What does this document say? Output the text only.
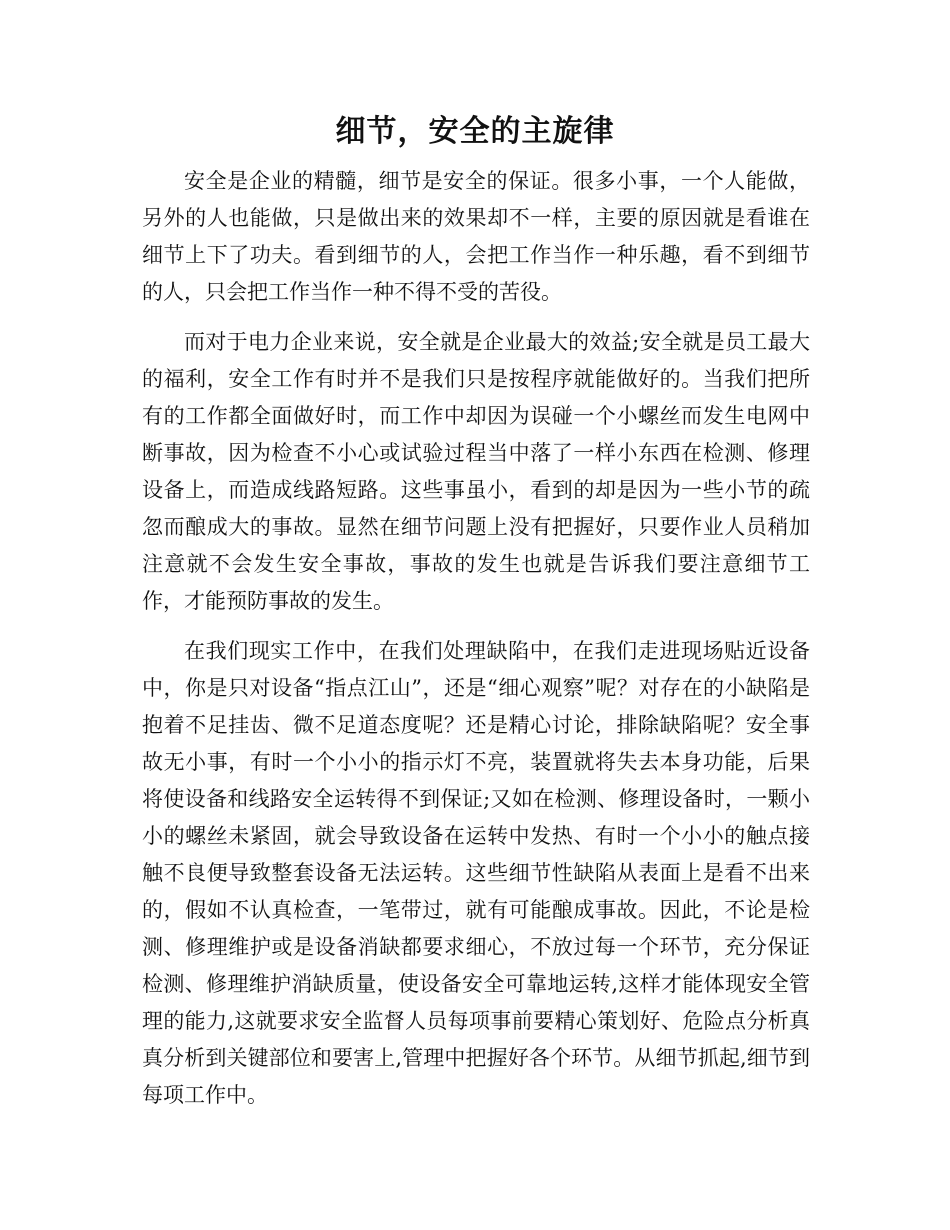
细节，安全的主旋律

安全是企业的精髓，细节是安全的保证。很多小事，一个人能做，另外的人也能做，只是做出来的效果却不一样，主要的原因就是看谁在细节上下了功夫。看到细节的人，会把工作当作一种乐趣，看不到细节的人，只会把工作当作一种不得不受的苦役。

而对于电力企业来说，安全就是企业最大的效益;安全就是员工最大的福利，安全工作有时并不是我们只是按程序就能做好的。当我们把所有的工作都全面做好时，而工作中却因为误碰一个小螺丝而发生电网中断事故，因为检查不小心或试验过程当中落了一样小东西在检测、修理设备上，而造成线路短路。这些事虽小，看到的却是因为一些小节的疏忽而酿成大的事故。显然在细节问题上没有把握好，只要作业人员稍加注意就不会发生安全事故，事故的发生也就是告诉我们要注意细节工作，才能预防事故的发生。

在我们现实工作中，在我们处理缺陷中，在我们走进现场贴近设备中，你是只对设备“指点江山”，还是“细心观察”呢？对存在的小缺陷是抱着不足挂齿、微不足道态度呢？还是精心讨论，排除缺陷呢？安全事故无小事，有时一个小小的指示灯不亮，装置就将失去本身功能，后果将使设备和线路安全运转得不到保证;又如在检测、修理设备时，一颗小小的螺丝未紧固，就会导致设备在运转中发热、有时一个小小的触点接触不良便导致整套设备无法运转。这些细节性缺陷从表面上是看不出来的，假如不认真检查，一笔带过，就有可能酿成事故。因此，不论是检测、修理维护或是设备消缺都要求细心，不放过每一个环节，充分保证检测、修理维护消缺质量，使设备安全可靠地运转,这样才能体现安全管理的能力,这就要求安全监督人员每项事前要精心策划好、危险点分析真真分析到关键部位和要害上,管理中把握好各个环节。从细节抓起,细节到每项工作中。
